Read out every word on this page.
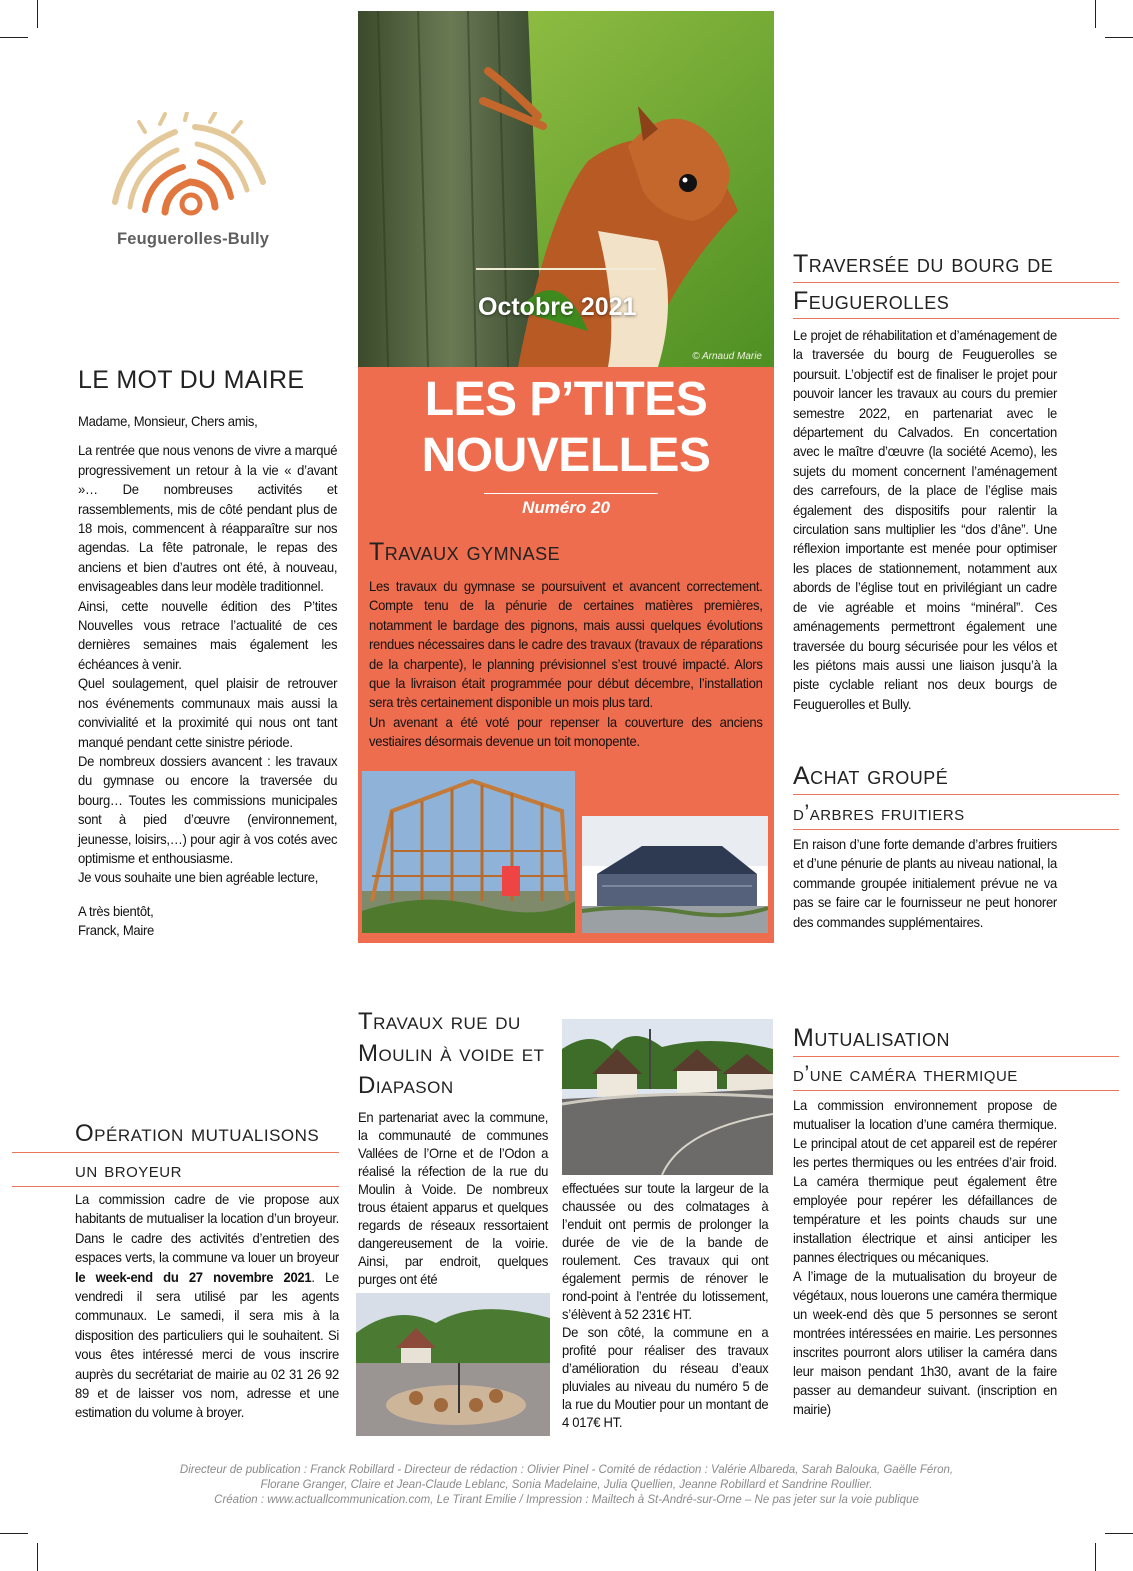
Feuguerolles-Bully
Octobre 2021
© Arnaud Marie
LES P’TITES
NOUVELLES
Numéro 20
Travaux gymnase

Les travaux du gymnase se poursuivent et avancent correctement. Compte tenu de la pénurie de certaines matières premières, notamment le bardage des pignons, mais aussi quelques évolutions rendues nécessaires dans le cadre des travaux (travaux de réparations de la charpente), le planning prévisionnel s’est trouvé impacté. Alors que la livraison était programmée pour début décembre, l’installation sera très certainement disponible un mois plus tard.

Un avenant a été voté pour repenser la couverture des anciens vestiaires désormais devenue un toit monopente.

LE MOT DU MAIRE

Madame, Monsieur, Chers amis,

La rentrée que nous venons de vivre a marqué progressivement un retour à la vie « d’avant »… De nombreuses activités et rassemblements, mis de côté pendant plus de 18 mois, commencent à réapparaître sur nos agendas. La fête patronale, le repas des anciens et bien d’autres ont été, à nouveau, envisageables dans leur modèle traditionnel.

Ainsi, cette nouvelle édition des P’tites Nouvelles vous retrace l’actualité de ces dernières semaines mais également les échéances à venir.

Quel soulagement, quel plaisir de retrouver nos événements communaux mais aussi la convivialité et la proximité qui nous ont tant manqué pendant cette sinistre période.

De nombreux dossiers avancent : les travaux du gymnase ou encore la traversée du bourg… Toutes les commissions municipales sont à pied d’œuvre (environnement, jeunesse, loisirs,…) pour agir à vos cotés avec optimisme et enthousiasme.

Je vous souhaite une bien agréable lecture,

A très bientôt,

Franck, Maire

Traversée du bourg de
Feuguerolles
Le projet de réhabilitation et d’aménagement de la traversée du bourg de Feuguerolles se poursuit. L’objectif est de finaliser le projet pour pouvoir lancer les travaux au cours du premier semestre 2022, en partenariat avec le département du Calvados. En concertation avec le maître d’œuvre (la société Acemo), les sujets du moment concernent l’aménagement des carrefours, de la place de l’église mais également des dispositifs pour ralentir la circulation sans multiplier les “dos d’âne”. Une réflexion importante est menée pour optimiser les places de stationnement, notamment aux abords de l’église tout en privilégiant un cadre de vie agréable et moins “minéral”. Ces aménagements permettront également une traversée du bourg sécurisée pour les vélos et les piétons mais aussi une liaison jusqu’à la piste cyclable reliant nos deux bourgs de Feuguerolles et Bully.
Achat groupé
d’arbres fruitiers
En raison d’une forte demande d’arbres fruitiers et d’une pénurie de plants au niveau national, la commande groupée initialement prévue ne va pas se faire car le fournisseur ne peut honorer des commandes supplémentaires.
Opération mutualisons
un broyeur
La commission cadre de vie propose aux habitants de mutualiser la location d’un broyeur. Dans le cadre des activités d’entretien des espaces verts, la commune va louer un broyeur le week-end du 27 novembre 2021. Le vendredi il sera utilisé par les agents communaux. Le samedi, il sera mis à la disposition des particuliers qui le souhaitent. Si vous êtes intéressé merci de vous inscrire auprès du secrétariat de mairie au 02 31 26 92 89 et de laisser vos nom, adresse et une estimation du volume à broyer.
Travaux rue du
Moulin à voide et
Diapason
En partenariat avec la commune, la communauté de communes Vallées de l’Orne et de l’Odon a réalisé la réfection de la rue du Moulin à Voide. De nombreux trous étaient apparus et quelques regards de réseaux ressortaient dangereusement de la voirie. Ainsi, par endroit, quelques purges ont été

effectuées sur toute la largeur de la chaussée ou des colmatages à l’enduit ont permis de prolonger la durée de vie de la bande de roulement. Ces travaux qui ont également permis de rénover le rond-point à l’entrée du lotissement, s’élèvent à 52 231€ HT.

De son côté, la commune en a profité pour réaliser des travaux d’amélioration du réseau d’eaux pluviales au niveau du numéro 5 de la rue du Moutier pour un montant de 4 017€ HT.

Mutualisation
d’une caméra thermique

La commission environnement propose de mutualiser la location d’une caméra thermique. Le principal atout de cet appareil est de repérer les pertes thermiques ou les entrées d’air froid. La caméra thermique peut également être employée pour repérer les défaillances de température et les points chauds sur une installation électrique et ainsi anticiper les pannes électriques ou mécaniques.

A l’image de la mutualisation du broyeur de végétaux, nous louerons une caméra thermique un week-end dès que 5 personnes se seront montrées intéressées en mairie. Les personnes inscrites pourront alors utiliser la caméra dans leur maison pendant 1h30, avant de la faire passer au demandeur suivant. (inscription en mairie)

Directeur de publication : Franck Robillard - Directeur de rédaction : Olivier Pinel - Comité de rédaction : Valérie Albareda, Sarah Balouka, Gaëlle Féron,
Florane Granger, Claire et Jean-Claude Leblanc, Sonia Madelaine, Julia Quellien, Jeanne Robillard et Sandrine Roullier.
Création : www.actuallcommunication.com, Le Tirant Emilie / Impression : Mailtech à St-André-sur-Orne – Ne pas jeter sur la voie publique
